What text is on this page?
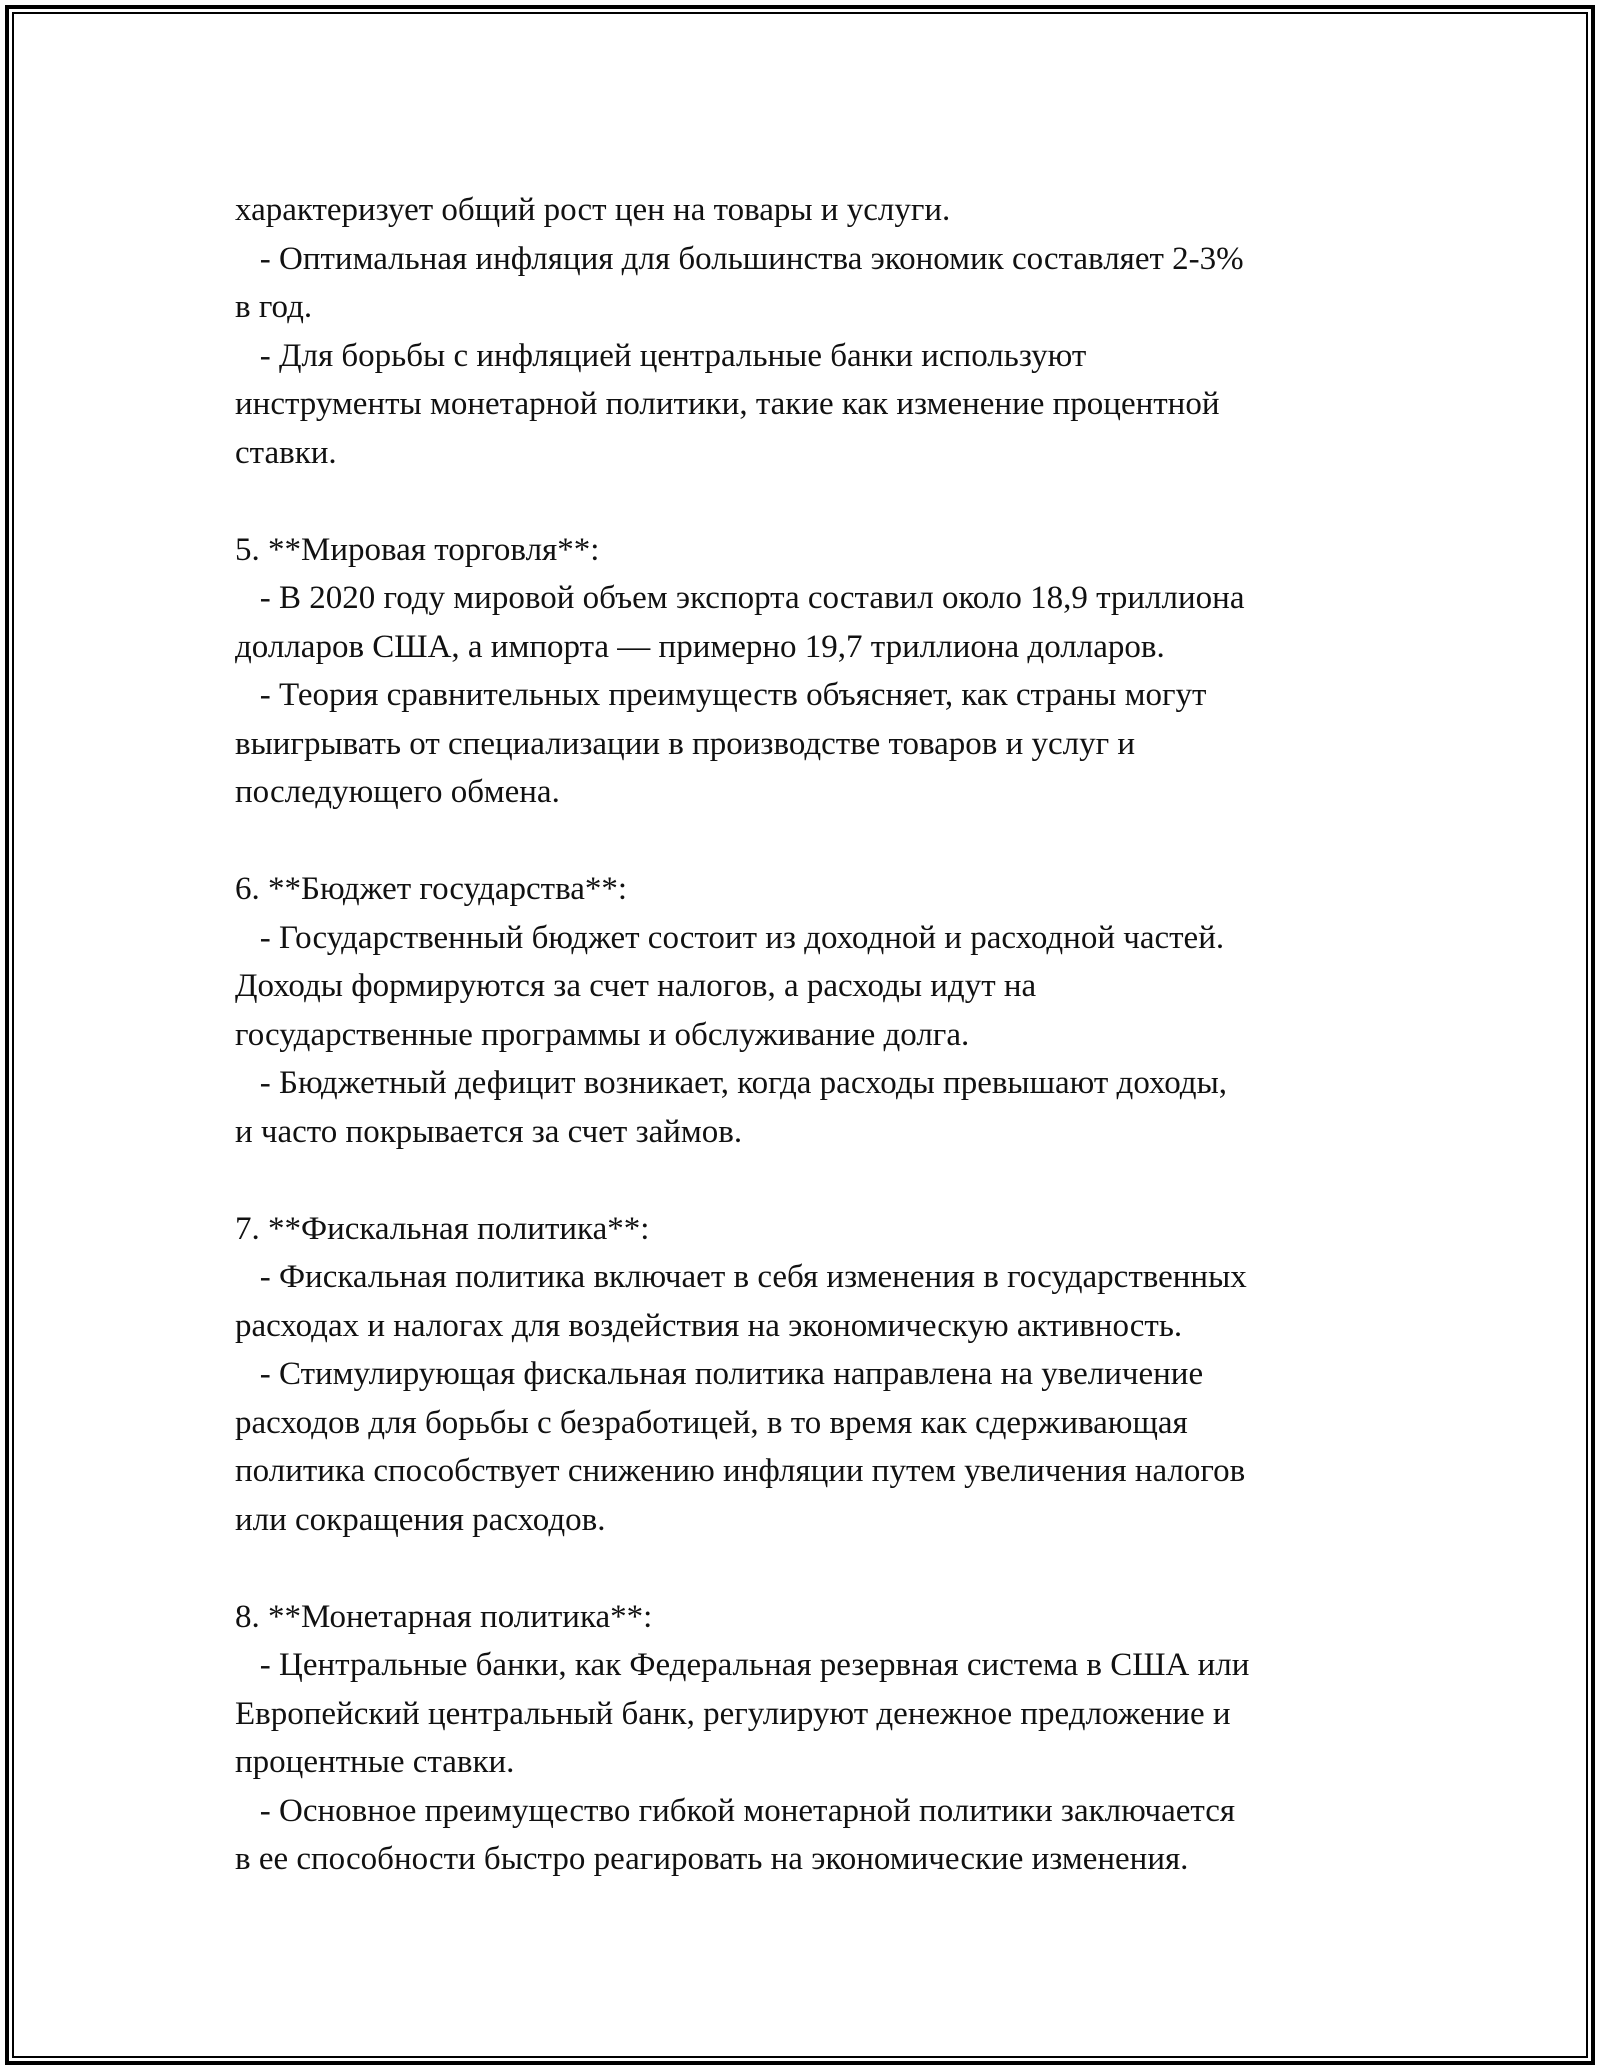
характеризует общий рост цен на товары и услуги.
- Оптимальная инфляция для большинства экономик составляет 2-3%
в год.
- Для борьбы с инфляцией центральные банки используют
инструменты монетарной политики, такие как изменение процентной
ставки.
5. **Мировая торговля**:
- В 2020 году мировой объем экспорта составил около 18,9 триллиона
долларов США, а импорта — примерно 19,7 триллиона долларов.
- Теория сравнительных преимуществ объясняет, как страны могут
выигрывать от специализации в производстве товаров и услуг и
последующего обмена.
6. **Бюджет государства**:
- Государственный бюджет состоит из доходной и расходной частей.
Доходы формируются за счет налогов, а расходы идут на
государственные программы и обслуживание долга.
- Бюджетный дефицит возникает, когда расходы превышают доходы,
и часто покрывается за счет займов.
7. **Фискальная политика**:
- Фискальная политика включает в себя изменения в государственных
расходах и налогах для воздействия на экономическую активность.
- Стимулирующая фискальная политика направлена на увеличение
расходов для борьбы с безработицей, в то время как сдерживающая
политика способствует снижению инфляции путем увеличения налогов
или сокращения расходов.
8. **Монетарная политика**:
- Центральные банки, как Федеральная резервная система в США или
Европейский центральный банк, регулируют денежное предложение и
процентные ставки.
- Основное преимущество гибкой монетарной политики заключается
в ее способности быстро реагировать на экономические изменения.
